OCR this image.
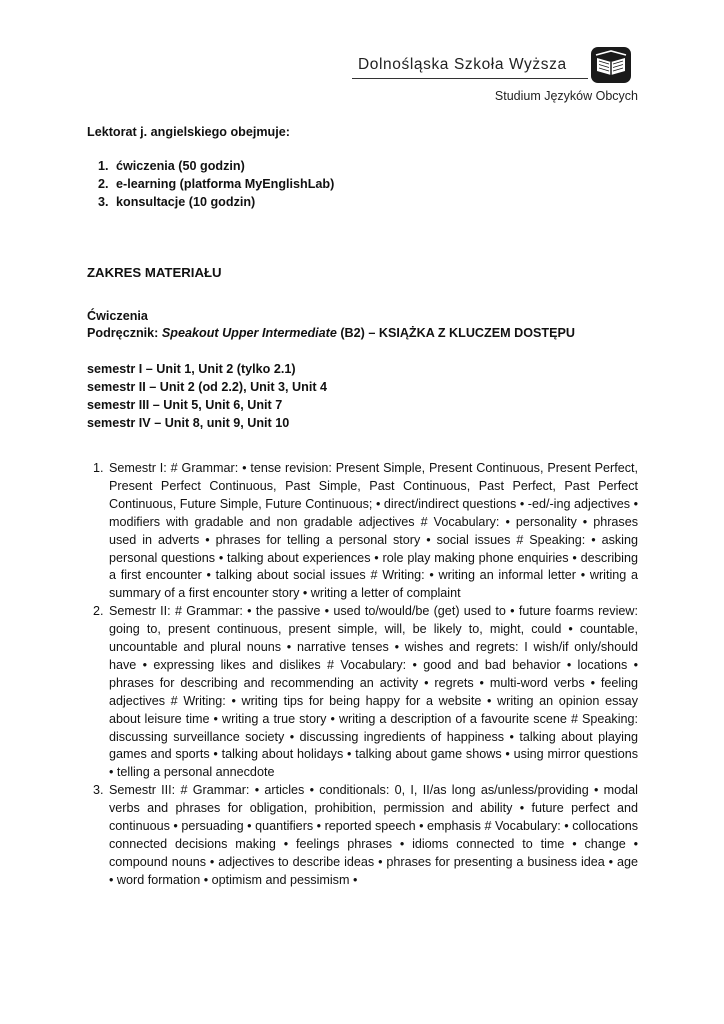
Dolnośląska Szkoła Wyższa
Studium Języków Obcych

Lektorat j. angielskiego obejmuje:

1. ćwiczenia (50 godzin)
2. e-learning (platforma MyEnglishLab)
3. konsultacje (10 godzin)
ZAKRES MATERIAŁU
Ćwiczenia
Podręcznik: Speakout Upper Intermediate (B2) – KSIĄŻKA Z KLUCZEM DOSTĘPU
semestr I – Unit 1, Unit 2 (tylko 2.1)
semestr II – Unit 2 (od 2.2), Unit 3, Unit 4
semestr III – Unit 5, Unit 6, Unit 7
semestr IV – Unit 8, unit 9, Unit 10
1. Semestr I: # Grammar: • tense revision: Present Simple, Present Continuous, Present Perfect, Present Perfect Continuous, Past Simple, Past Continuous, Past Perfect, Past Perfect Continuous, Future Simple, Future Continuous; • direct/indirect questions • -ed/-ing adjectives • modifiers with gradable and non gradable adjectives # Vocabulary: • personality • phrases used in adverts • phrases for telling a personal story • social issues # Speaking: • asking personal questions • talking about experiences • role play making phone enquiries • describing a first encounter • talking about social issues # Writing: • writing an informal letter • writing a summary of a first encounter story • writing a letter of complaint
2. Semestr II: # Grammar: • the passive • used to/would/be (get) used to • future foarms review: going to, present continuous, present simple, will, be likely to, might, could • countable, uncountable and plural nouns • narrative tenses • wishes and regrets: I wish/if only/should have • expressing likes and dislikes # Vocabulary: • good and bad behavior • locations • phrases for describing and recommending an activity • regrets • multi-word verbs • feeling adjectives # Writing: • writing tips for being happy for a website • writing an opinion essay about leisure time • writing a true story • writing a description of a favourite scene # Speaking: discussing surveillance society • discussing ingredients of happiness • talking about playing games and sports • talking about holidays • talking about game shows • using mirror questions • telling a personal annecdote
3. Semestr III: # Grammar: • articles • conditionals: 0, I, II/as long as/unless/providing • modal verbs and phrases for obligation, prohibition, permission and ability • future perfect and continuous • persuading • quantifiers • reported speech • emphasis # Vocabulary: • collocations connected decisions making • feelings phrases • idioms connected to time • change • compound nouns • adjectives to describe ideas • phrases for presenting a business idea • age • word formation • optimism and pessimism •
